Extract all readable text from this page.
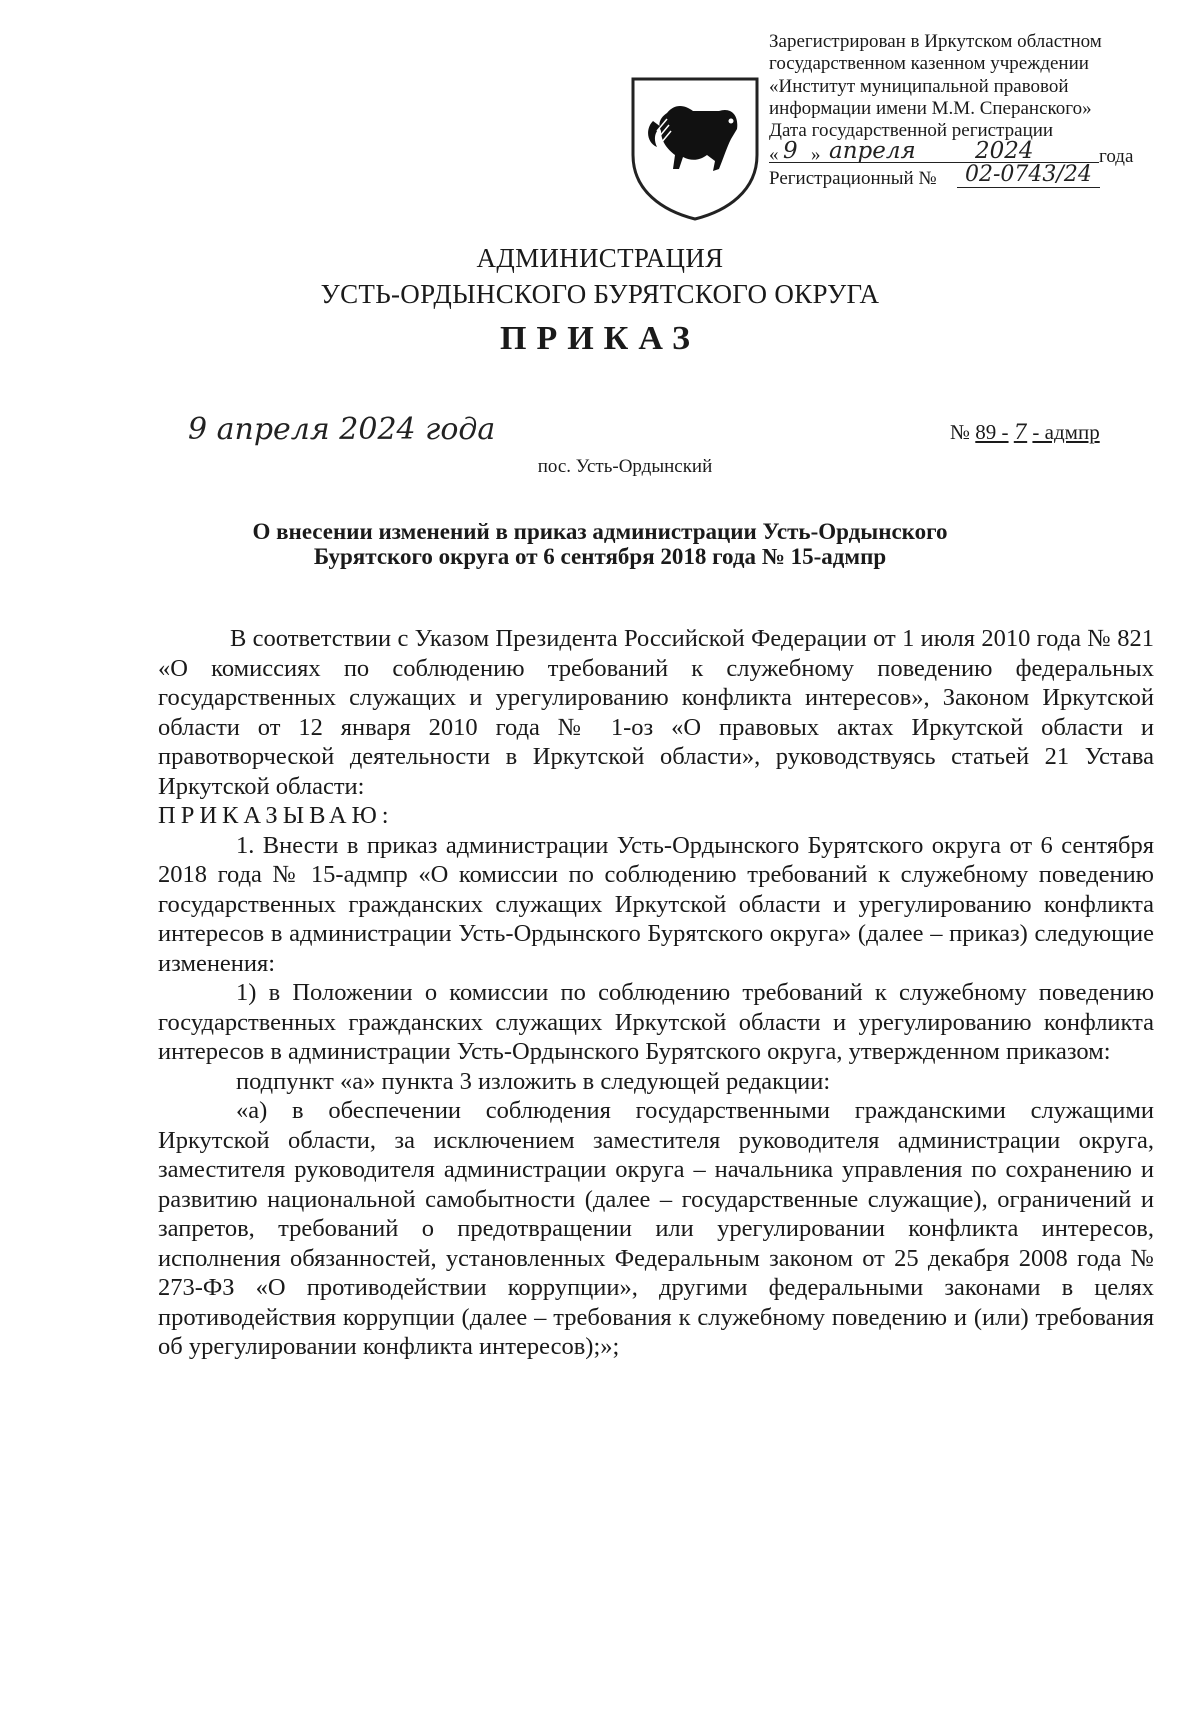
Зарегистрирован в Иркутском областном
государственном казенном учреждении
«Институт муниципальной правовой
информации имени М.М. Сперанского»
Дата государственной регистрации
« 9 » апреля	2024	года
Регистрационный №	02-0743/24
АДМИНИСТРАЦИЯ
УСТЬ-ОРДЫНСКОГО БУРЯТСКОГО ОКРУГА
ПРИКАЗ
9 апреля 2024 года	№ 89 - 7 - адмпр
пос. Усть-Ордынский
О внесении изменений в приказ администрации Усть-Ордынского
Бурятского округа от 6 сентября 2018 года № 15-адмпр

В соответствии с Указом Президента Российской Федерации от 1 июля 2010 года № 821 «О комиссиях по соблюдению требований к служебному поведению федеральных государственных служащих и урегулированию конфликта интересов», Законом Иркутской области от 12 января 2010 года № 1-оз «О правовых актах Иркутской области и правотворческой деятельности в Иркутской области», руководствуясь статьей 21 Устава Иркутской области:

ПРИКАЗЫВАЮ:

1. Внести в приказ администрации Усть-Ордынского Бурятского округа от 6 сентября 2018 года № 15-адмпр «О комиссии по соблюдению требований к служебному поведению государственных гражданских служащих Иркутской области и урегулированию конфликта интересов в администрации Усть-Ордынского Бурятского округа» (далее – приказ) следующие изменения:

1) в Положении о комиссии по соблюдению требований к служебному поведению государственных гражданских служащих Иркутской области и урегулированию конфликта интересов в администрации Усть-Ордынского Бурятского округа, утвержденном приказом:

подпункт «а» пункта 3 изложить в следующей редакции:

«а) в обеспечении соблюдения государственными гражданскими служащими Иркутской области, за исключением заместителя руководителя администрации округа, заместителя руководителя администрации округа – начальника управления по сохранению и развитию национальной самобытности (далее – государственные служащие), ограничений и запретов, требований о предотвращении или урегулировании конфликта интересов, исполнения обязанностей, установленных Федеральным законом от 25 декабря 2008 года № 273-ФЗ «О противодействии коррупции», другими федеральными законами в целях противодействия коррупции (далее – требования к служебному поведению и (или) требования об урегулировании конфликта интересов);»;
